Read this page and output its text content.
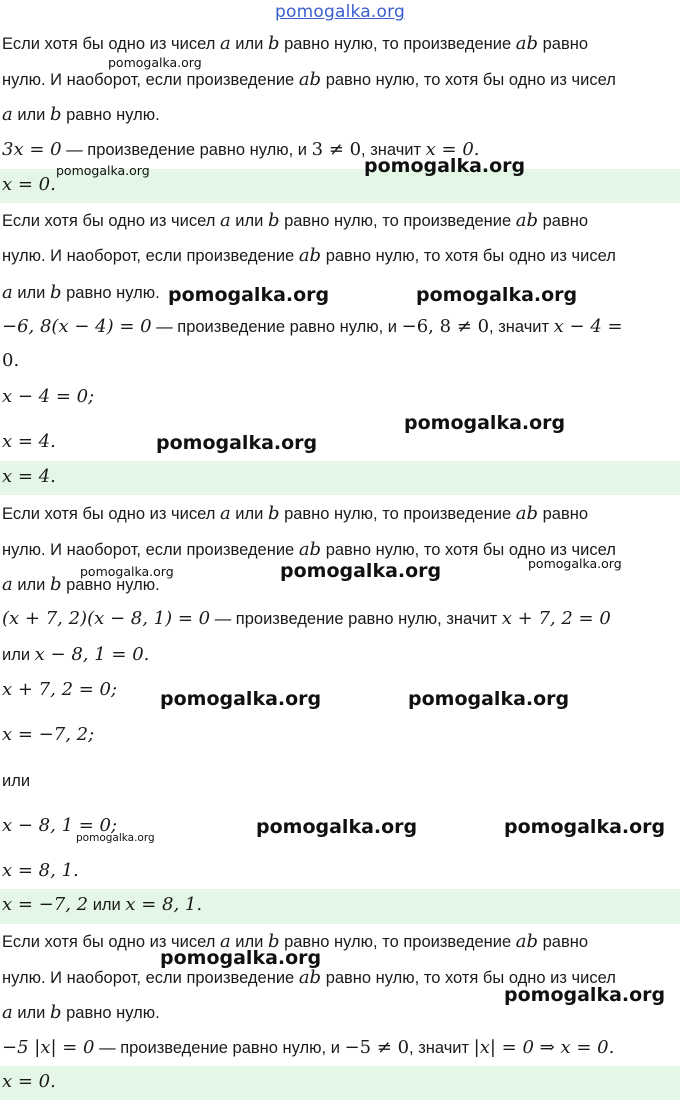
pomogalka.org
Если хотя бы одно из чисел a или b равно нулю, то произведение ab равно
нулю. И наоборот, если произведение ab равно нулю, то хотя бы одно из чисел
a или b равно нулю.
3x = 0 — произведение равно нулю, и 3 ≠ 0, значит x = 0.
x = 0.
Если хотя бы одно из чисел a или b равно нулю, то произведение ab равно
нулю. И наоборот, если произведение ab равно нулю, то хотя бы одно из чисел
a или b равно нулю.
−6, 8(x − 4) = 0 — произведение равно нулю, и −6, 8 ≠ 0, значит x − 4 =
0.
x − 4 = 0;
x = 4.
x = 4.
Если хотя бы одно из чисел a или b равно нулю, то произведение ab равно
нулю. И наоборот, если произведение ab равно нулю, то хотя бы одно из чисел
a или b равно нулю.
(x + 7, 2)(x − 8, 1) = 0 — произведение равно нулю, значит x + 7, 2 = 0
или x − 8, 1 = 0.
x + 7, 2 = 0;
x = −7, 2;
или
x − 8, 1 = 0;
x = 8, 1.
x = −7, 2 или x = 8, 1.
Если хотя бы одно из чисел a или b равно нулю, то произведение ab равно
нулю. И наоборот, если произведение ab равно нулю, то хотя бы одно из чисел
a или b равно нулю.
−5 |x| = 0 — произведение равно нулю, и −5 ≠ 0, значит |x| = 0 ⇒ x = 0.
x = 0.
pomogalka.org
pomogalka.org	pomogalka.org
pomogalka.org	pomogalka.org
pomogalka.org
pomogalka.org
pomogalka.org	pomogalka.org	pomogalka.org
pomogalka.org	pomogalka.org
pomogalka.org	pomogalka.org
pomogalka.org
pomogalka.org
pomogalka.org
